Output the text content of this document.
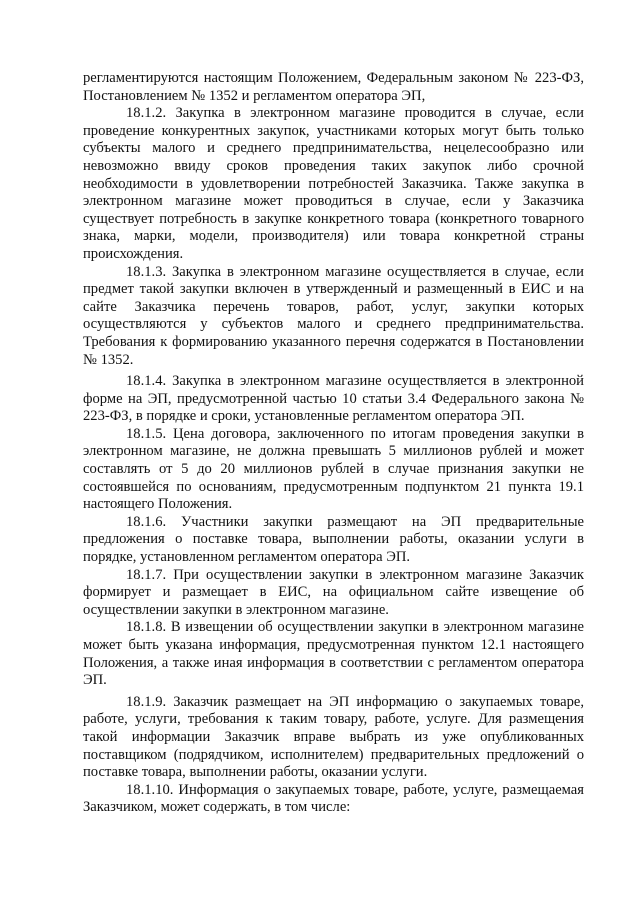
регламентируются настоящим Положением, Федеральным законом № 223-ФЗ, Постановлением № 1352 и регламентом оператора ЭП,

18.1.2. Закупка в электронном магазине проводится в случае, если проведение конкурентных закупок, участниками которых могут быть только субъекты малого и среднего предпринимательства, нецелесообразно или невозможно ввиду сроков проведения таких закупок либо срочной необходимости в удовлетворении потребностей Заказчика. Также закупка в электронном магазине может проводиться в случае, если у Заказчика существует потребность в закупке конкретного товара (конкретного товарного знака, марки, модели, производителя) или товара конкретной страны происхождения.

18.1.3. Закупка в электронном магазине осуществляется в случае, если предмет такой закупки включен в утвержденный и размещенный в ЕИС и на сайте Заказчика перечень товаров, работ, услуг, закупки которых осуществляются у субъектов малого и среднего предпринимательства. Требования к формированию указанного перечня содержатся в Постановлении № 1352.

18.1.4. Закупка в электронном магазине осуществляется в электронной форме на ЭП, предусмотренной частью 10 статьи 3.4 Федерального закона № 223-ФЗ, в порядке и сроки, установленные регламентом оператора ЭП.

18.1.5. Цена договора, заключенного по итогам проведения закупки в электронном магазине, не должна превышать 5 миллионов рублей и может составлять от 5 до 20 миллионов рублей в случае признания закупки не состоявшейся по основаниям, предусмотренным подпунктом 21 пункта 19.1 настоящего Положения.

18.1.6. Участники закупки размещают на ЭП предварительные предложения о поставке товара, выполнении работы, оказании услуги в порядке, установленном регламентом оператора ЭП.

18.1.7. При осуществлении закупки в электронном магазине Заказчик формирует и размещает в ЕИС, на официальном сайте извещение об осуществлении закупки в электронном магазине.

18.1.8. В извещении об осуществлении закупки в электронном магазине может быть указана информация, предусмотренная пунктом 12.1 настоящего Положения, а также иная информация в соответствии с регламентом оператора ЭП.

18.1.9. Заказчик размещает на ЭП информацию о закупаемых товаре, работе, услуги, требования к таким товару, работе, услуге. Для размещения такой информации Заказчик вправе выбрать из уже опубликованных поставщиком (подрядчиком, исполнителем) предварительных предложений о поставке товара, выполнении работы, оказании услуги.

18.1.10. Информация о закупаемых товаре, работе, услуге, размещаемая Заказчиком, может содержать, в том числе:
